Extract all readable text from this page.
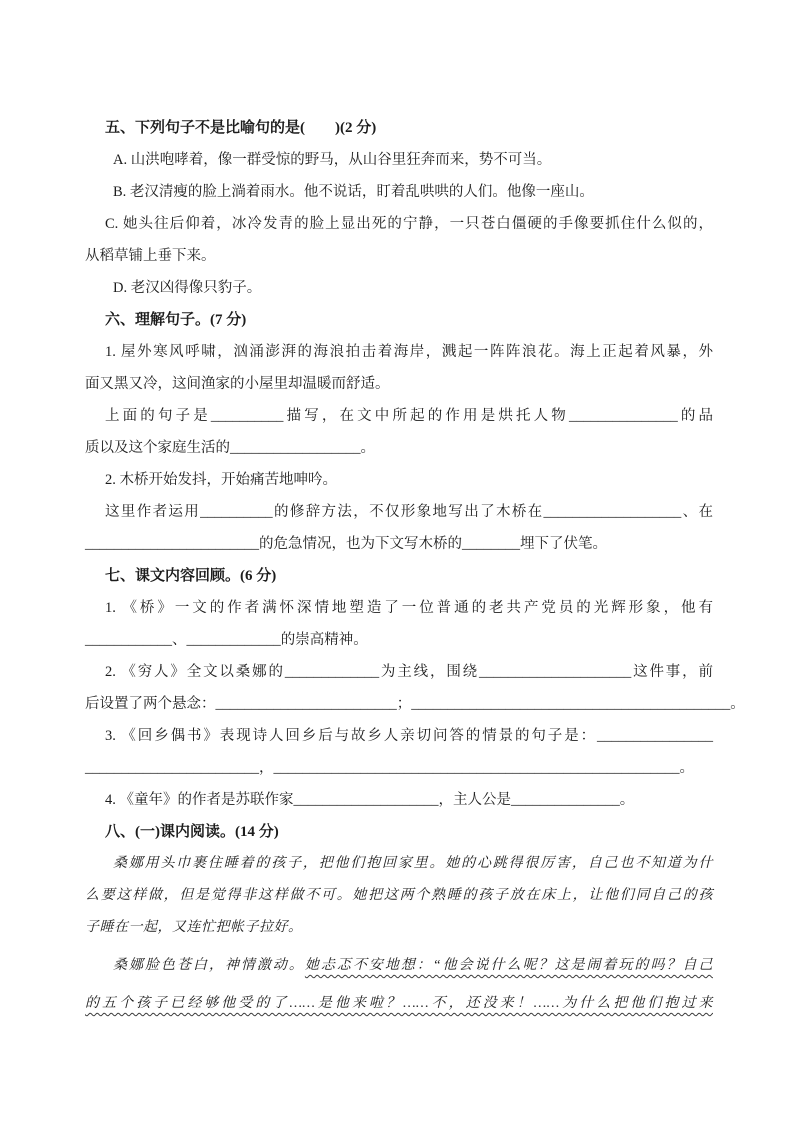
五、下列句子不是比喻句的是(　　)(2 分)
A. 山洪咆哮着，像一群受惊的野马，从山谷里狂奔而来，势不可当。
B. 老汉清瘦的脸上淌着雨水。他不说话，盯着乱哄哄的人们。他像一座山。
C. 她头往后仰着，冰冷发青的脸上显出死的宁静，一只苍白僵硬的手像要抓住什么似的，
从稻草铺上垂下来。
D. 老汉凶得像只豹子。
六、理解句子。(7 分)
1. 屋外寒风呼啸，汹涌澎湃的海浪拍击着海岸，溅起一阵阵浪花。海上正起着风暴，外
面又黑又冷，这间渔家的小屋里却温暖而舒适。
上面的句子是__________描写，在文中所起的作用是烘托人物_______________的品
质以及这个家庭生活的__________________。
2. 木桥开始发抖，开始痛苦地呻吟。
这里作者运用__________的修辞方法，不仅形象地写出了木桥在___________________、在
________________________的危急情况，也为下文写木桥的________埋下了伏笔。
七、课文内容回顾。(6 分)
1. 《桥》一文的作者满怀深情地塑造了一位普通的老共产党员的光辉形象，他有
____________、_____________的崇高精神。
2. 《穷人》全文以桑娜的_____________为主线，围绕_____________________这件事，前
后设置了两个悬念：_________________________；____________________________________________。
3. 《回乡偶书》表现诗人回乡后与故乡人亲切问答的情景的句子是：________________
________________________，________________________________________________________。
4. 《童年》的作者是苏联作家____________________，主人公是_______________。
八、(一)课内阅读。(14 分)
桑娜用头巾裹住睡着的孩子，把他们抱回家里。她的心跳得很厉害，自己也不知道为什
么要这样做，但是觉得非这样做不可。她把这两个熟睡的孩子放在床上，让他们同自己的孩
子睡在一起，又连忙把帐子拉好。
桑娜脸色苍白，神情激动。她忐忑不安地想：“他会说什么呢？这是闹着玩的吗？自己
的五个孩子已经够他受的了……是他来啦？……不，还没来！……为什么把他们抱过来
